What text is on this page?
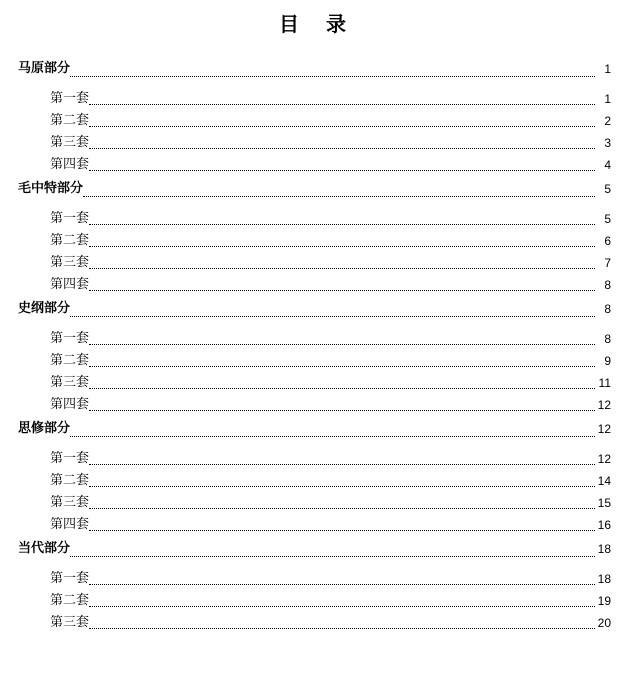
目 录
马原部分	1
第一套	1
第二套	2
第三套	3
第四套	4
毛中特部分	5
第一套	5
第二套	6
第三套	7
第四套	8
史纲部分	8
第一套	8
第二套	9
第三套	11
第四套	12
思修部分	12
第一套	12
第二套	14
第三套	15
第四套	16
当代部分	18
第一套	18
第二套	19
第三套	20
